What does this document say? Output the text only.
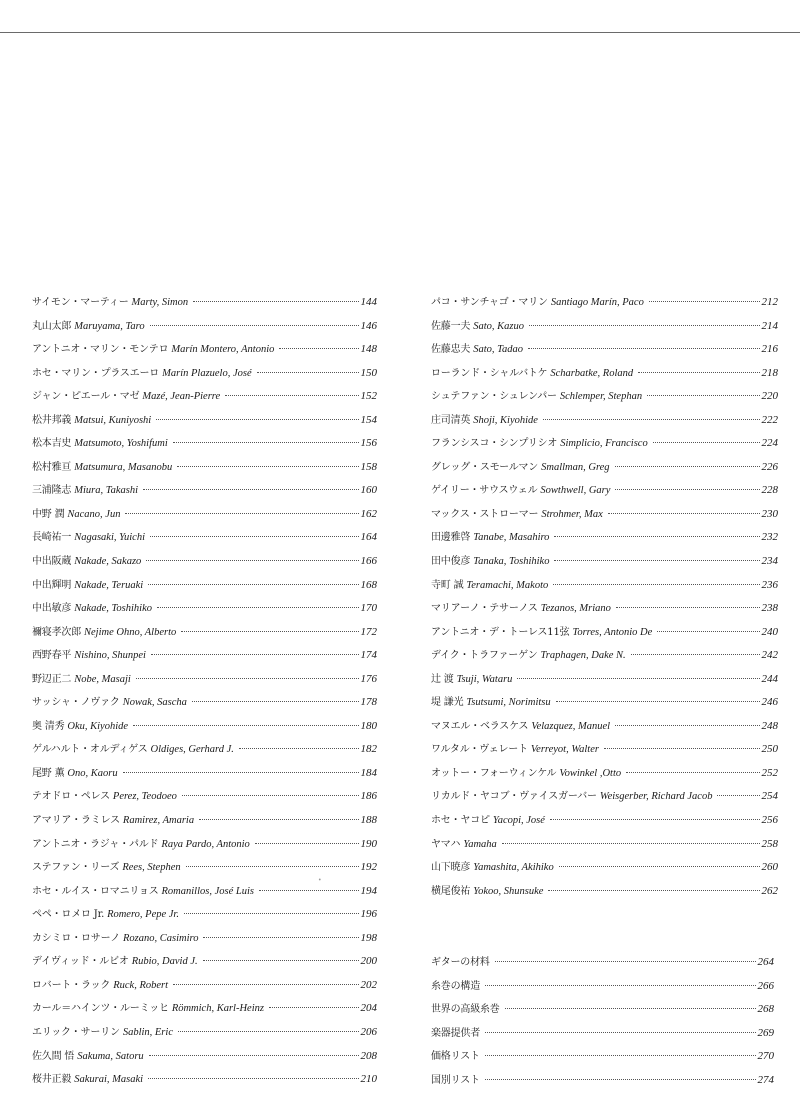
サイモン・マーティー Marty, Simon	144
丸山太郎 Maruyama, Taro	146
アントニオ・マリン・モンテロ Marín Montero, Antonio	148
ホセ・マリン・プラスエーロ Marín Plazuelo, José	150
ジャン・ピエール・マゼ Mazé, Jean-Pierre	152
松井邦義 Matsui, Kuniyoshi	154
松本吉史 Matsumoto, Yoshifumi	156
松村雅亘 Matsumura, Masanobu	158
三浦隆志 Miura, Takashi	160
中野 潤 Nacano, Jun	162
長崎祐一 Nagasaki, Yuichi	164
中出阪蔵 Nakade, Sakazo	166
中出輝明 Nakade, Teruaki	168
中出敏彦 Nakade, Toshihiko	170
禰寝孝次郎 Nejime Ohno, Alberto	172
西野春平 Nishino, Shunpei	174
野辺正二 Nobe, Masaji	176
サッシャ・ノヴァク Nowak, Sascha	178
奥 清秀 Oku, Kiyohide	180
ゲルハルト・オルディゲス Oldiges, Gerhard J.	182
尾野 薫 Ono, Kaoru	184
テオドロ・ペレス Perez, Teodoeo	186
アマリア・ラミレス Ramirez, Amaria	188
アントニオ・ラジャ・パルド Raya Pardo, Antonio	190
ステファン・リーズ Rees, Stephen	192
ホセ・ルイス・ロマニリョス Romanillos, José Luis	194
ペペ・ロメロ Jr. Romero, Pepe Jr.	196
カシミロ・ロサーノ Rozano, Casimiro	198
デイヴィッド・ルビオ Rubio, David J.	200
ロバート・ラック Ruck, Robert	202
カール＝ハインツ・ルーミッヒ Römmich, Karl-Heinz	204
エリック・サーリン Sablin, Eric	206
佐久間 悟 Sakuma, Satoru	208
桜井正毅 Sakurai, Masaki	210
パコ・サンチャゴ・マリン Santiago Marín, Paco	212
佐藤一夫 Sato, Kazuo	214
佐藤忠夫 Sato, Tadao	216
ローランド・シャルバトケ Scharbatke, Roland	218
シュテファン・シュレンパー Schlemper, Stephan	220
庄司清英 Shoji, Kiyohide	222
フランシスコ・シンプリシオ Simplicio, Francisco	224
グレッグ・スモールマン Smallman, Greg	226
ゲイリー・サウスウェル Sowthwell, Gary	228
マックス・ストローマー Strohmer, Max	230
田邊雅啓 Tanabe, Masahiro	232
田中俊彦 Tanaka, Toshihiko	234
寺町 誠 Teramachi, Makoto	236
マリアーノ・テサーノス Tezanos, Mriano	238
アントニオ・デ・トーレス11弦 Torres, Antonio De	240
デイク・トラファーゲン Traphagen, Dake N.	242
辻 渡 Tsuji, Wataru	244
堤 謙光 Tsutsumi, Norimitsu	246
マヌエル・ベラスケス Velazquez, Manuel	248
ワルタル・ヴェレート Verreyot, Walter	250
オットー・フォーウィンケル Vowinkel ,Otto	252
リカルド・ヤコブ・ヴァイスガーバー Weisgerber, Richard Jacob	254
ホセ・ヤコピ Yacopi, José	256
ヤマハ Yamaha	258
山下暁彦 Yamashita, Akihiko	260
横尾俊祐 Yokoo, Shunsuke	262
ギターの材料	264
糸巻の構造	266
世界の高級糸巻	268
楽器提供者	269
価格リスト	270
国別リスト	274
•
